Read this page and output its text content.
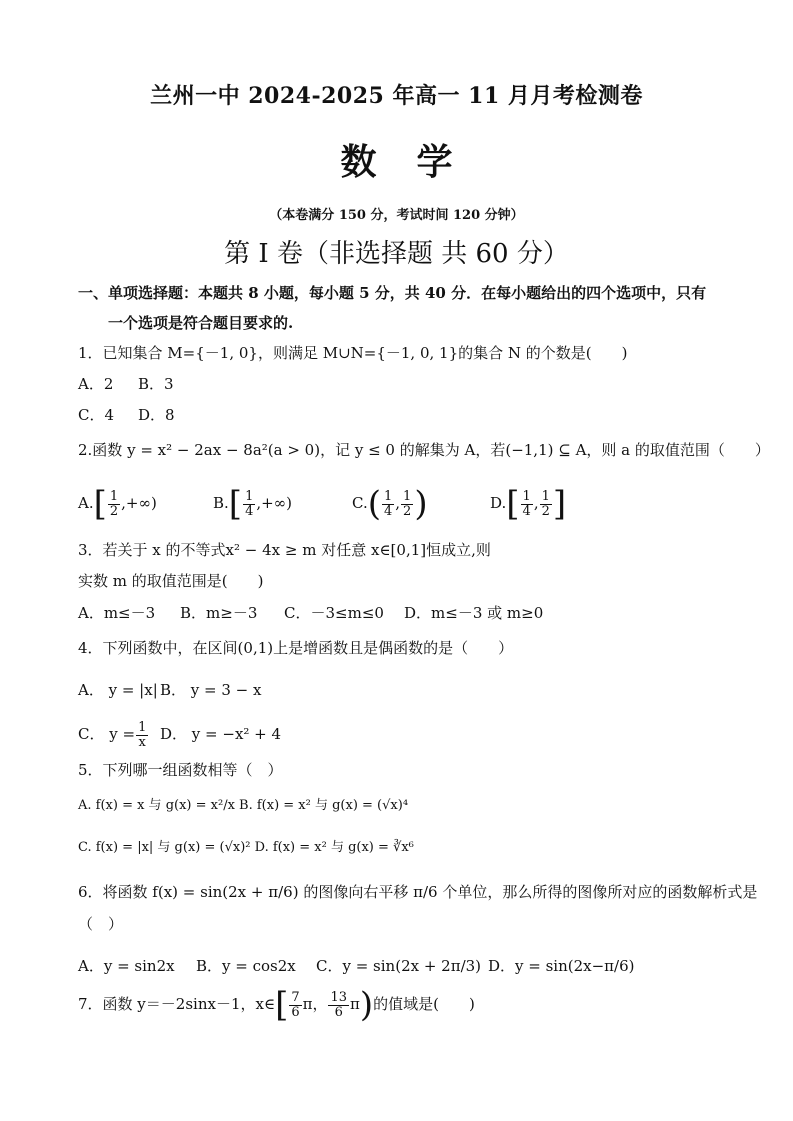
兰州一中 2024-2025 年高一 11 月月考检测卷
数学
（本卷满分 150 分，考试时间 120 分钟）
第 I 卷（非选择题 共 60 分）
一、单项选择题：本题共 8 小题，每小题 5 分，共 40 分．在每小题给出的四个选项中，只有
一个选项是符合题目要求的.
1．已知集合 M={－1, 0}，则满足 M∪N={－1, 0, 1}的集合 N 的个数是(　　)
A．2 B．3
C．4 D．8
2.函数 y = x² − 2ax − 8a²(a > 0)，记 y ≤ 0 的解集为 A，若(−1,1) ⊆ A，则 a 的取值范围（　　）
$A.[ \frac{1}{2}$ ,+∞)	$B.[ \frac{1}{4}$ ,+∞)	$C.( \frac{1}{4}$ , $\frac{1}{2}$ )	$D.[ \frac{1}{4}$ , $\frac{1}{2}$ ]
3．若关于 x 的不等式x² − 4x ≥ m 对任意 x∈[0,1]恒成立,则
实数 m 的取值范围是(　　)
A．m≤－3 B．m≥－3 C．－3≤m≤0 D．m≤－3 或 m≥0
4．下列函数中，在区间(0,1)上是增函数且是偶函数的是（　　）
A． y = |x| B． y = 3 − x
C． $y = \frac{1}{x}$ D． y = −x² + 4
5．下列哪一组函数相等（　）
A. f(x) = x 与 g(x) = x²/x B. f(x) = x² 与 g(x) = (√x)⁴
C. f(x) = |x| 与 g(x) = (√x)² D. f(x) = x² 与 g(x) = ∛x⁶
6．将函数 f(x) = sin(2x + π/6) 的图像向右平移 π/6 个单位，那么所得的图像所对应的函数解析式是
（　）
A．y = sin2x B．y = cos2x C．y = sin(2x + 2π/3) D．y = sin(2x−π/6)
7．函数 y＝－2sinx－1，x∈[ $\frac{7}{6}$ π， $\frac{13}{6} \pi$)的值域是(　　)
